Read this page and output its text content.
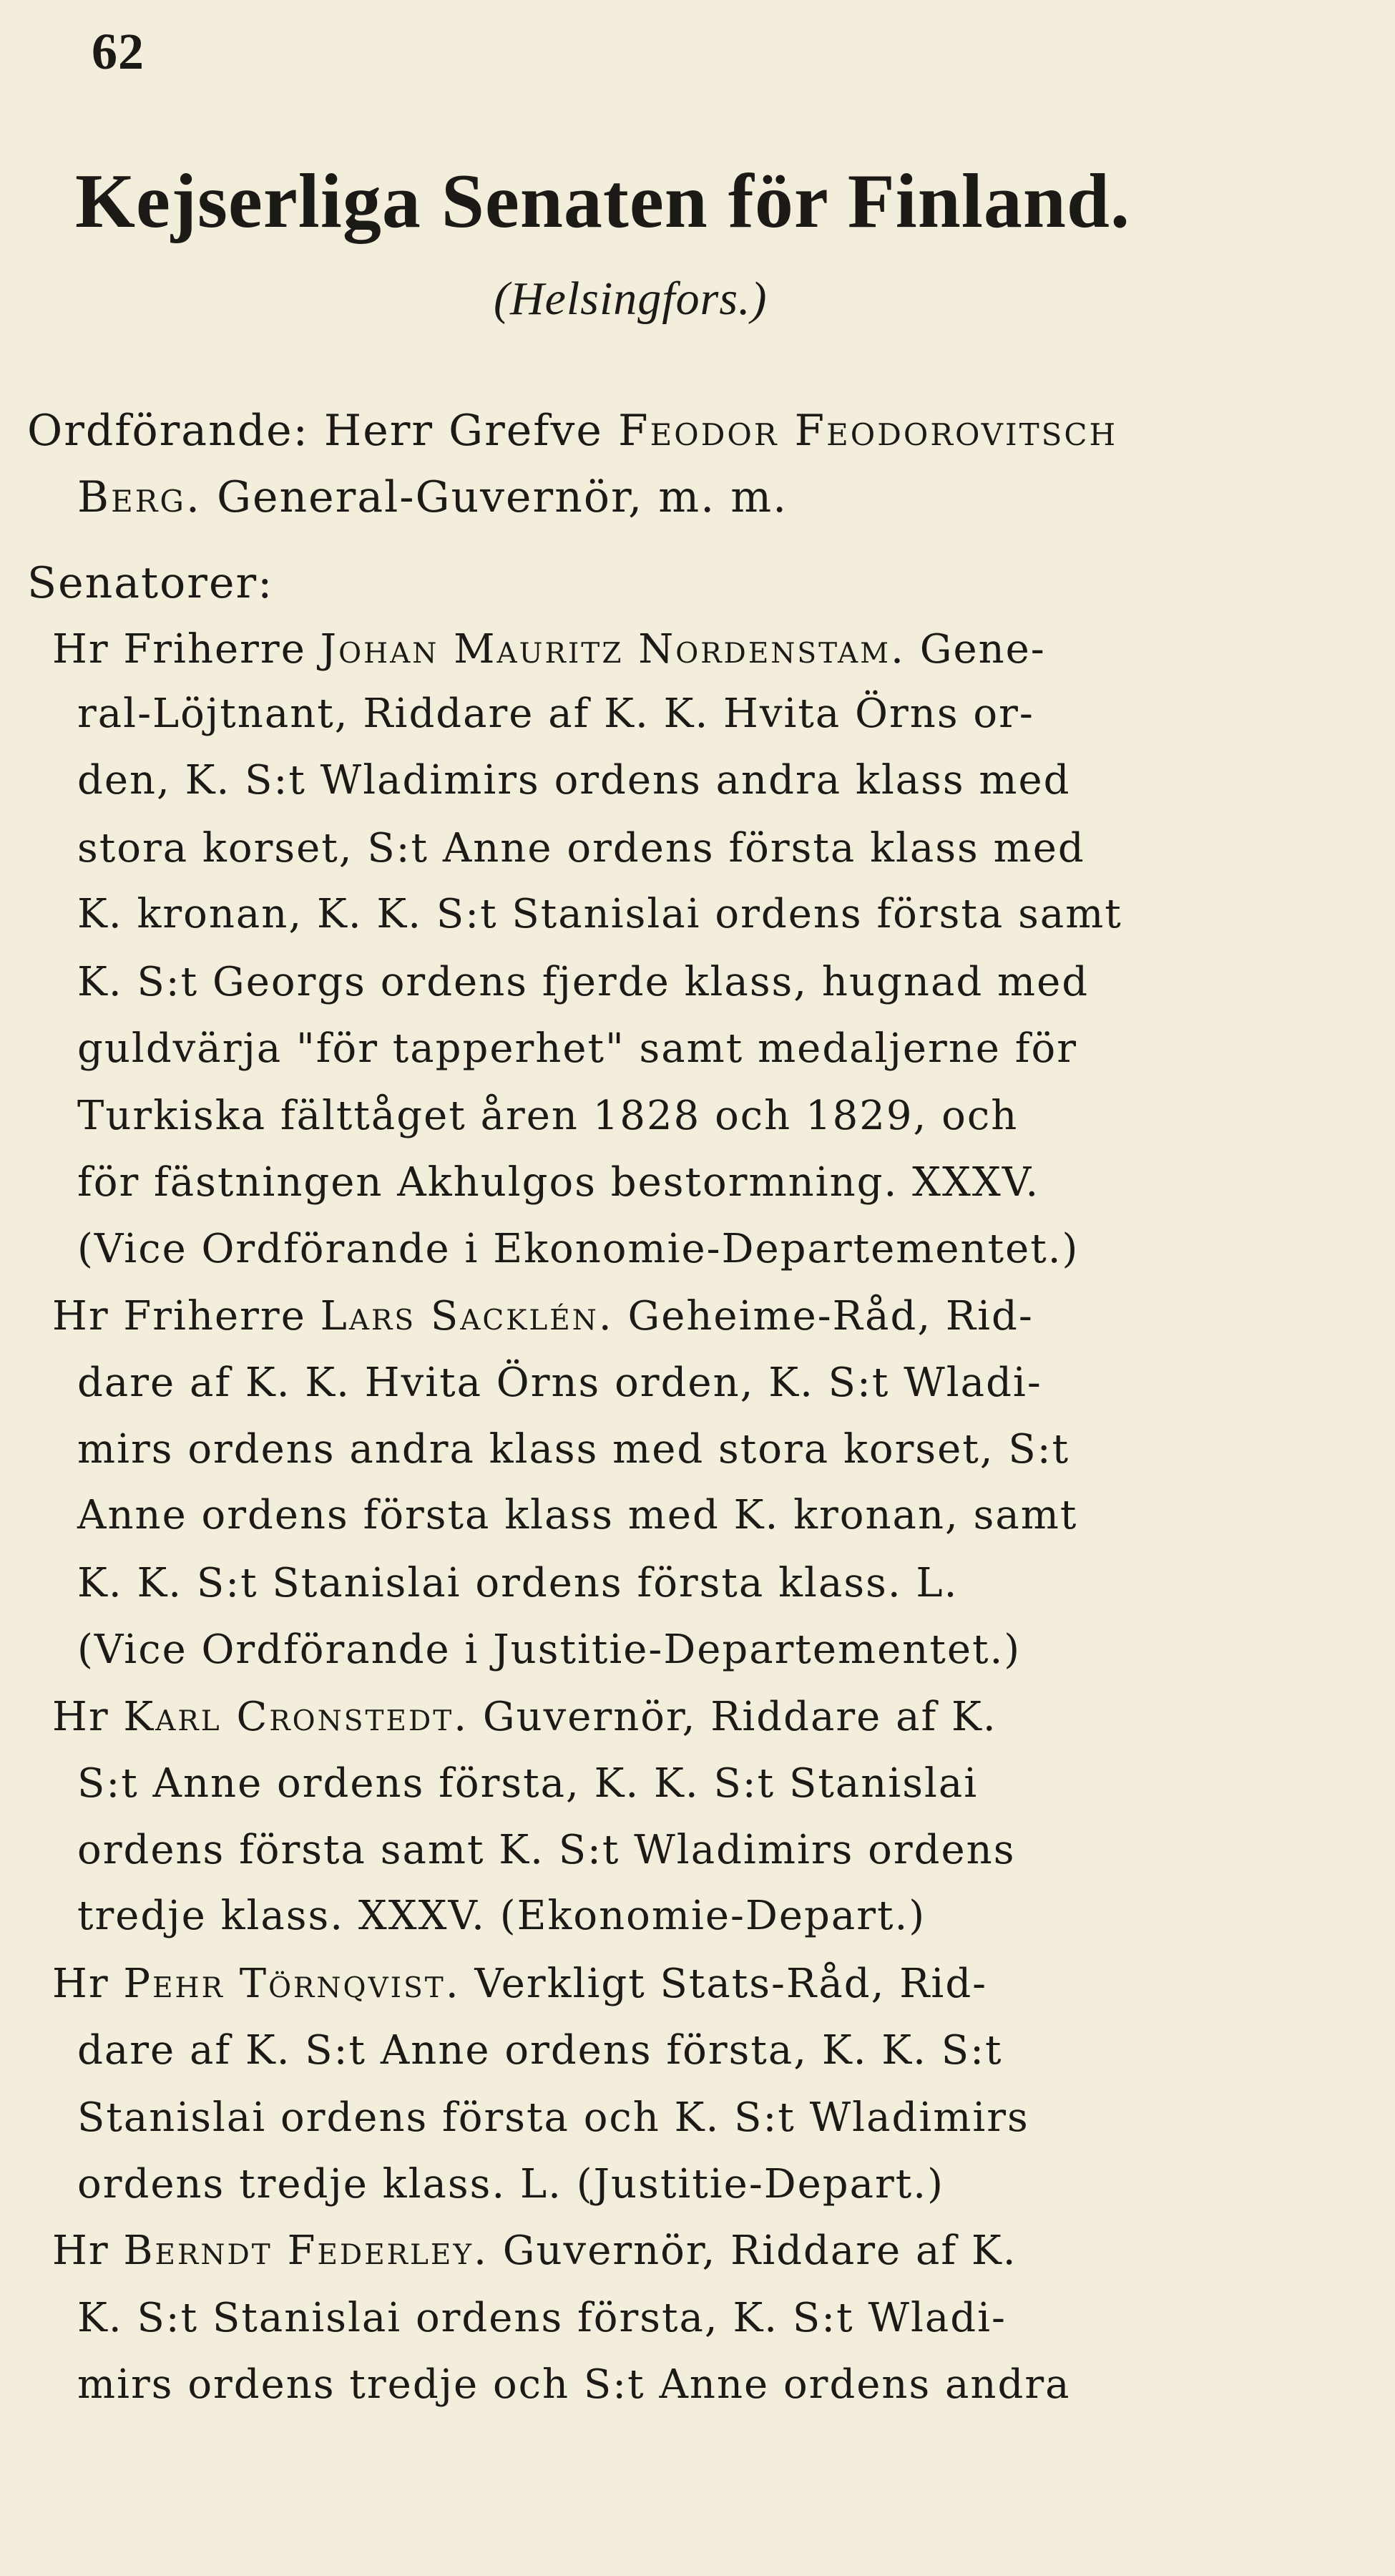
62
Kejserliga Senaten för Finland.
(Helsingfors.)
Ordförande: Herr Grefve Feodor Feodorovitsch
Berg. General-Guvernör, m. m.
Senatorer:
Hr Friherre Johan Mauritz Nordenstam. Gene-
ral-Löjtnant, Riddare af K. K. Hvita Örns or-
den, K. S:t Wladimirs ordens andra klass med
stora korset, S:t Anne ordens första klass med
K. kronan, K. K. S:t Stanislai ordens första samt
K. S:t Georgs ordens fjerde klass, hugnad med
guldvärja "för tapperhet" samt medaljerne för
Turkiska fälttåget åren 1828 och 1829, och
för fästningen Akhulgos bestormning. XXXV.
(Vice Ordförande i Ekonomie-Departementet.)
Hr Friherre Lars Sacklén. Geheime-Råd, Rid-
dare af K. K. Hvita Örns orden, K. S:t Wladi-
mirs ordens andra klass med stora korset, S:t
Anne ordens första klass med K. kronan, samt
K. K. S:t Stanislai ordens första klass. L.
(Vice Ordförande i Justitie-Departementet.)
Hr Karl Cronstedt. Guvernör, Riddare af K.
S:t Anne ordens första, K. K. S:t Stanislai
ordens första samt K. S:t Wladimirs ordens
tredje klass. XXXV. (Ekonomie-Depart.)
Hr Pehr Törnqvist. Verkligt Stats-Råd, Rid-
dare af K. S:t Anne ordens första, K. K. S:t
Stanislai ordens första och K. S:t Wladimirs
ordens tredje klass. L. (Justitie-Depart.)
Hr Berndt Federley. Guvernör, Riddare af K.
K. S:t Stanislai ordens första, K. S:t Wladi-
mirs ordens tredje och S:t Anne ordens andra
